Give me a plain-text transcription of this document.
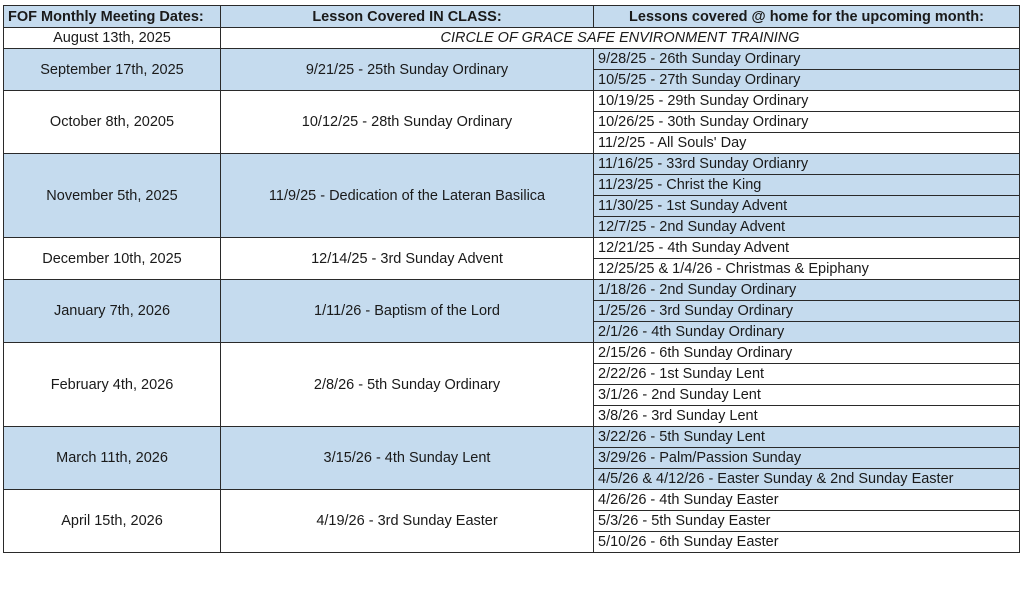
FOF Monthly Meeting Dates:	Lesson Covered IN CLASS:	Lessons covered @ home for the upcoming month:
August 13th, 2025	CIRCLE OF GRACE SAFE ENVIRONMENT TRAINING	
September 17th, 2025	9/21/25 - 25th Sunday Ordinary	9/28/25 - 26th Sunday Ordinary
		10/5/25 - 27th Sunday Ordinary
October 8th, 20205	10/12/25 - 28th Sunday Ordinary	10/19/25 - 29th Sunday Ordinary
		10/26/25 - 30th Sunday Ordinary
		11/2/25 - All Souls' Day
November 5th, 2025	11/9/25 - Dedication of the Lateran Basilica	11/16/25 - 33rd Sunday Ordianry
		11/23/25 - Christ the King
		11/30/25 - 1st Sunday Advent
		12/7/25 - 2nd Sunday Advent
December 10th, 2025	12/14/25 - 3rd Sunday Advent	12/21/25 - 4th Sunday Advent
		12/25/25 & 1/4/26 - Christmas & Epiphany
January 7th, 2026	1/11/26 - Baptism of the Lord	1/18/26 - 2nd Sunday Ordinary
		1/25/26 - 3rd Sunday Ordinary
		2/1/26 - 4th Sunday Ordinary
February 4th, 2026	2/8/26 - 5th Sunday Ordinary	2/15/26 - 6th Sunday Ordinary
		2/22/26 - 1st Sunday Lent
		3/1/26 - 2nd Sunday Lent
		3/8/26 - 3rd Sunday Lent
March 11th, 2026	3/15/26 - 4th Sunday Lent	3/22/26 - 5th Sunday Lent
		3/29/26 - Palm/Passion Sunday
		4/5/26 & 4/12/26 - Easter Sunday & 2nd Sunday Easter
April 15th, 2026	4/19/26 - 3rd Sunday Easter	4/26/26 - 4th Sunday Easter
		5/3/26 - 5th Sunday Easter
		5/10/26 - 6th Sunday Easter
